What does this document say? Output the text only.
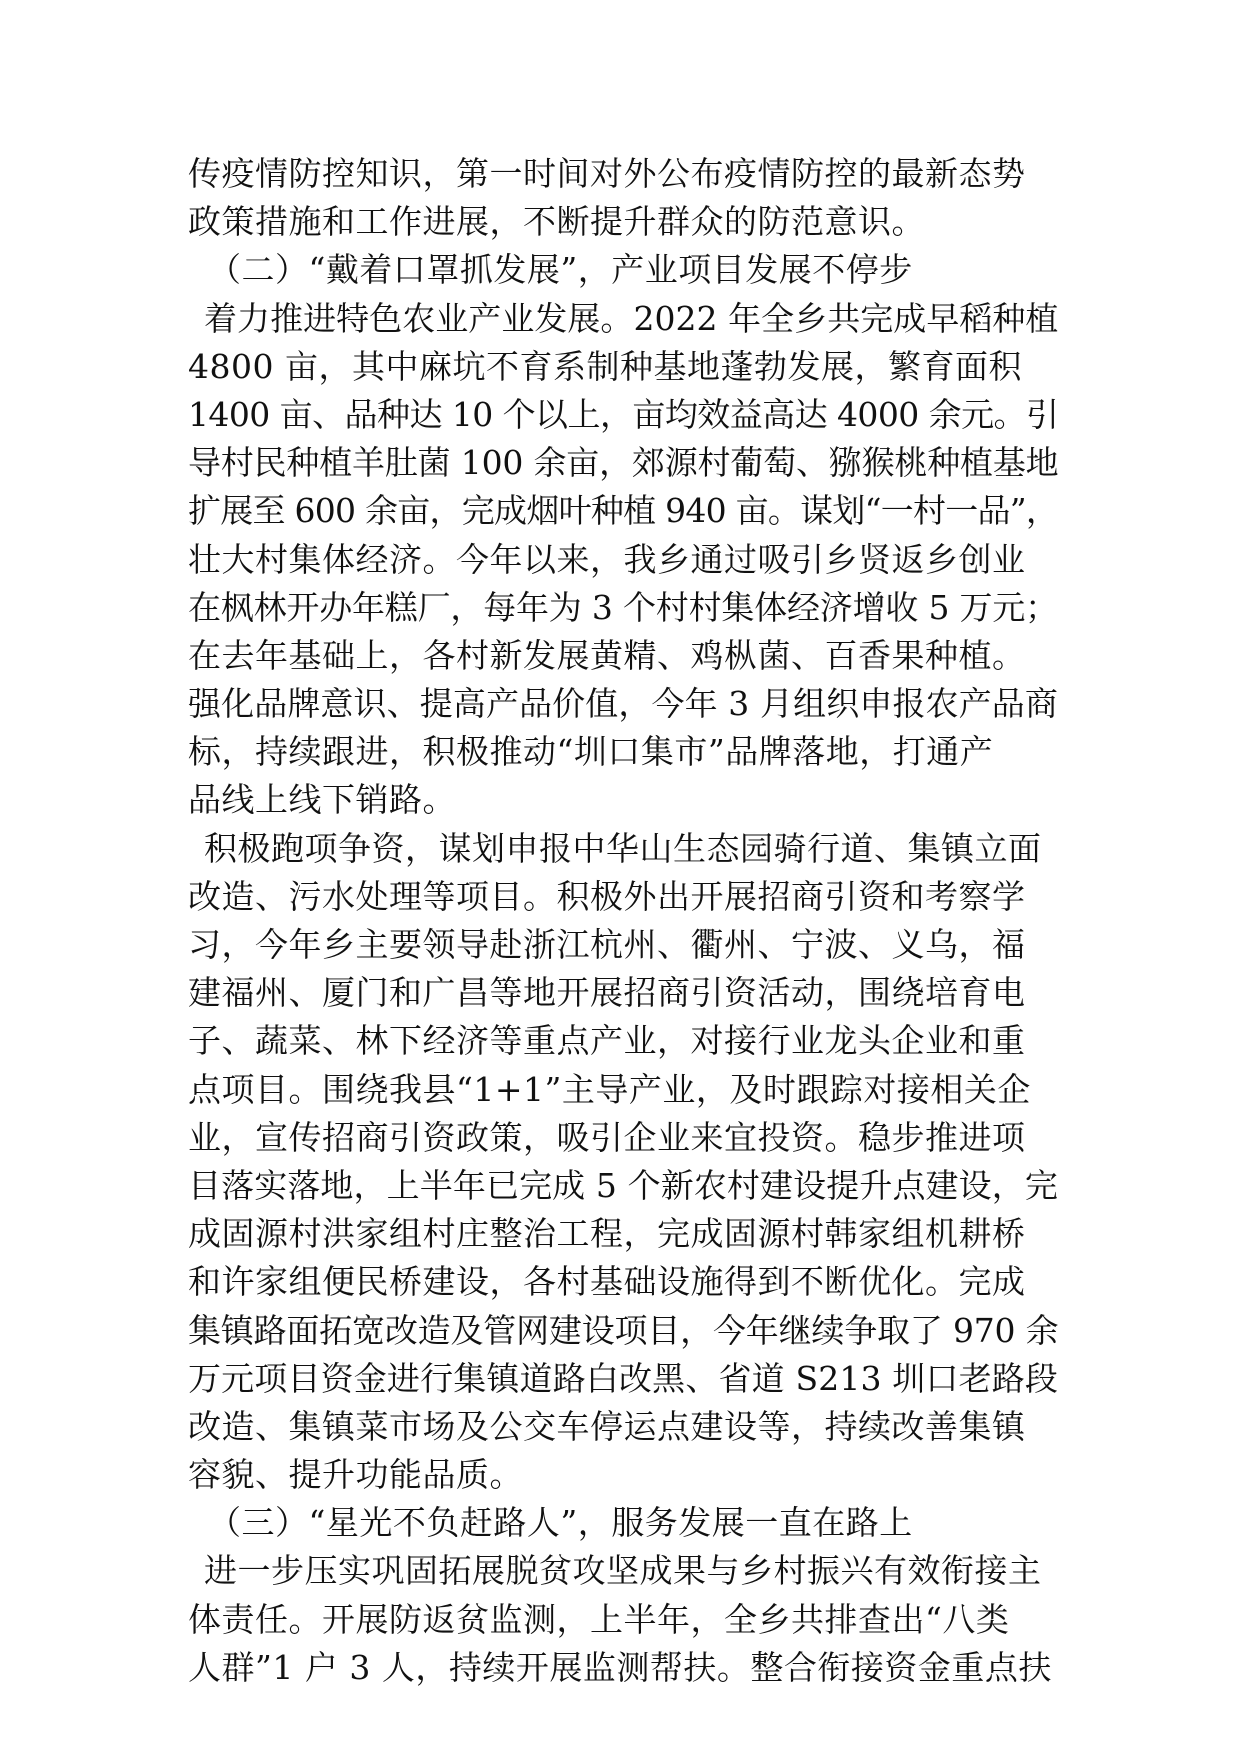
传疫情防控知识，第一时间对外公布疫情防控的最新态势
政策措施和工作进展，不断提升群众的防范意识。
（二）“戴着口罩抓发展”，产业项目发展不停步
着力推进特色农业产业发展。2022 年全乡共完成早稻种植
4800 亩，其中麻坑不育系制种基地蓬勃发展，繁育面积
1400 亩、品种达 10 个以上，亩均效益高达 4000 余元。引
导村民种植羊肚菌 100 余亩，郊源村葡萄、猕猴桃种植基地
扩展至 600 余亩，完成烟叶种植 940 亩。谋划“一村一品”，
壮大村集体经济。今年以来，我乡通过吸引乡贤返乡创业
在枫林开办年糕厂，每年为 3 个村村集体经济增收 5 万元；
在去年基础上，各村新发展黄精、鸡枞菌、百香果种植。
强化品牌意识、提高产品价值，今年 3 月组织申报农产品商
标，持续跟进，积极推动“圳口集市”品牌落地，打通产
品线上线下销路。
积极跑项争资，谋划申报中华山生态园骑行道、集镇立面
改造、污水处理等项目。积极外出开展招商引资和考察学
习，今年乡主要领导赴浙江杭州、衢州、宁波、义乌，福
建福州、厦门和广昌等地开展招商引资活动，围绕培育电
子、蔬菜、林下经济等重点产业，对接行业龙头企业和重
点项目。围绕我县“1+1”主导产业，及时跟踪对接相关企
业，宣传招商引资政策，吸引企业来宜投资。稳步推进项
目落实落地，上半年已完成 5 个新农村建设提升点建设，完
成固源村洪家组村庄整治工程，完成固源村韩家组机耕桥
和许家组便民桥建设，各村基础设施得到不断优化。完成
集镇路面拓宽改造及管网建设项目，今年继续争取了 970 余
万元项目资金进行集镇道路白改黑、省道 S213 圳口老路段
改造、集镇菜市场及公交车停运点建设等，持续改善集镇
容貌、提升功能品质。
（三）“星光不负赶路人”，服务发展一直在路上
进一步压实巩固拓展脱贫攻坚成果与乡村振兴有效衔接主
体责任。开展防返贫监测，上半年，全乡共排查出“八类
人群”1 户 3 人，持续开展监测帮扶。整合衔接资金重点扶
